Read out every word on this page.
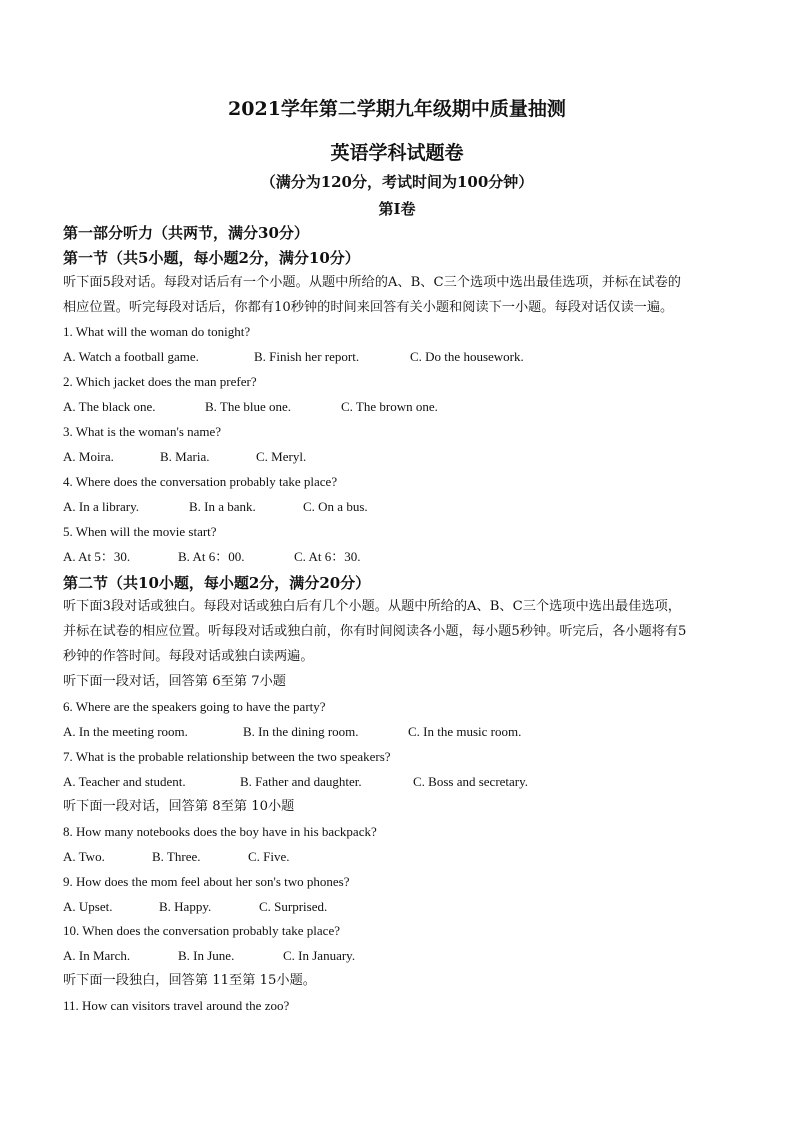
2021学年第二学期九年级期中质量抽测
英语学科试题卷
（满分为120分，考试时间为100分钟）
第I卷
第一部分听力（共两节，满分30分）
第一节（共5小题，每小题2分，满分10分）
听下面5段对话。每段对话后有一个小题。从题中所给的A、B、C三个选项中选出最佳选项，并标在试卷的
相应位置。听完每段对话后，你都有10秒钟的时间来回答有关小题和阅读下一小题。每段对话仅读一遍。
1. What will the woman do tonight?
A. Watch a football game.	B. Finish her report.	C. Do the housework.
2. Which jacket does the man prefer?
A. The black one.	B. The blue one.	C. The brown one.
3. What is the woman's name?
A. Moira.	B. Maria.	C. Meryl.
4. Where does the conversation probably take place?
A. In a library.	B. In a bank.	C. On a bus.
5. When will the movie start?
A. At 5：30.	B. At 6：00.	C. At 6：30.
第二节（共10小题，每小题2分，满分20分）
听下面3段对话或独白。每段对话或独白后有几个小题。从题中所给的A、B、C三个选项中选出最佳选项，
并标在试卷的相应位置。听每段对话或独白前，你有时间阅读各小题，每小题5秒钟。听完后，各小题将有5
秒钟的作答时间。每段对话或独白读两遍。
听下面一段对话，回答第 6至第 7小题
6. Where are the speakers going to have the party?
A. In the meeting room.	B. In the dining room.	C. In the music room.
7. What is the probable relationship between the two speakers?
A. Teacher and student.	B. Father and daughter.	C. Boss and secretary.
听下面一段对话，回答第 8至第 10小题
8. How many notebooks does the boy have in his backpack?
A. Two.	B. Three.	C. Five.
9. How does the mom feel about her son's two phones?
A. Upset.	B. Happy.	C. Surprised.
10. When does the conversation probably take place?
A. In March.	B. In June.	C. In January.
听下面一段独白，回答第 11至第 15小题。
11. How can visitors travel around the zoo?
